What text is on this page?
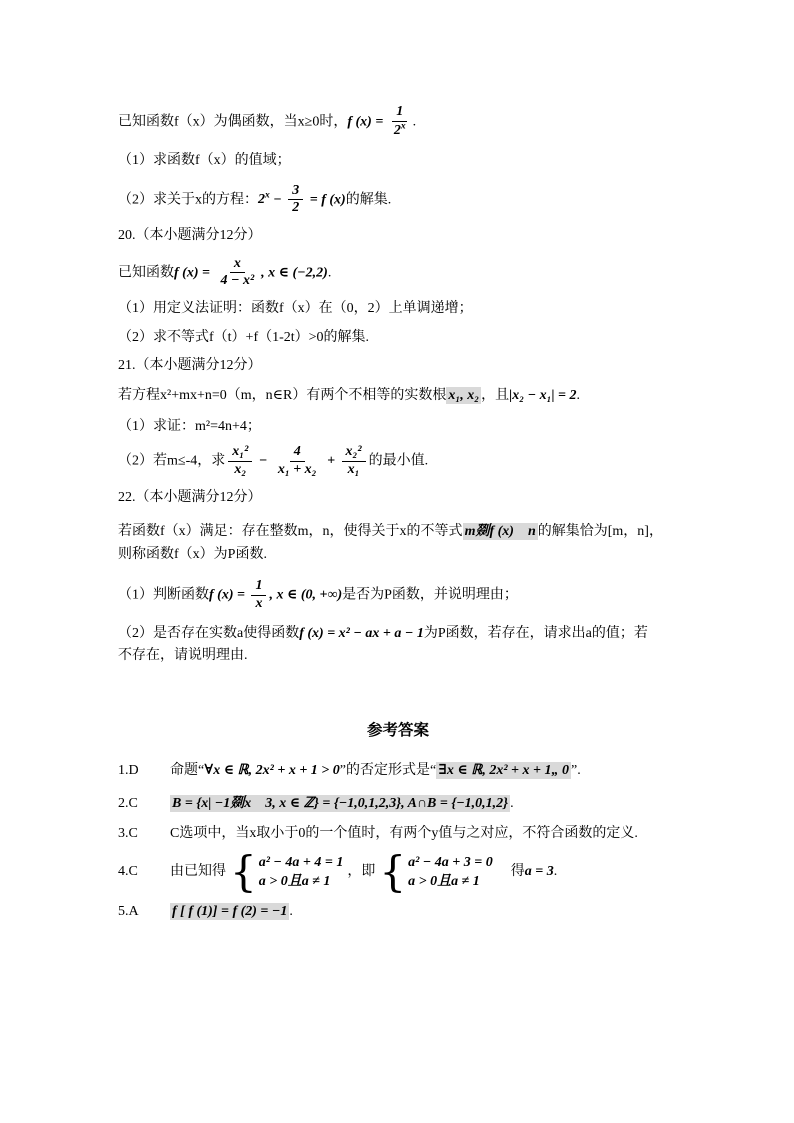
已知函数f（x）为偶函数，当x≥0时，f $(x) = \frac{1}{2^x}$ .
（1）求函数f（x）的值域；
（2）求关于x的方程：$2^x - \frac{3}{2} = f$ (x)的解集.
20.（本小题满分12分）
已知函数f $(x) = \frac{x}{\text{4 − x²}}$ , x ∈ (−2,2).
（1）用定义法证明：函数f（x）在（0，2）上单调递增；
（2）求不等式f（t）+f（1-2t）>0的解集.
21.（本小题满分12分）
若方程x²+mx+n=0（m，n∈R）有两个不相等的实数根 x₁, x₂ ，且|x₂ − x₁| = 2.
（1）求证：m²=4n+4；
（2）若m≤-4，求 $\frac{\text{x₁²}}{\text{x₂}} - \frac{4}{\text{x₁ + x₂}} + \frac{\text{x₂²}}{\text{x₁}}$ 的最小值.
22.（本小题满分12分）
若函数f（x）满足：存在整数m，n，使得关于x的不等式 m剟f (x)　n 的解集恰为[m，n]，
则称函数f（x）为P函数.
（1）判断函数f $(x) = \frac{1}{x}$ , x ∈ (0, +∞)是否为P函数，并说明理由；
（2）是否存在实数a使得函数f (x) = x² − ax + a − 1为P函数，若存在，请求出a的值；若
不存在，请说明理由.
参考答案
1.D	命题“∀x ∈ ℝ, 2x² + x + 1 > 0”的否定形式是“ ∃x ∈ ℝ, 2x² + x + 1„ 0 ”.
2.C	B = {x| −1剟x　3, x ∈ ℤ} = {−1,0,1,2,3}, A∩B = {−1,0,1,2} .
3.C	C选项中，当x取小于0的一个值时，有两个y值与之对应，不符合函数的定义.
4.C	由已知得 { a² − 4a + 4 = 1
a > 0且a ≠ 1
，即 { a² − 4a + 3 = 0
a > 0且a ≠ 1
　得a = 3.
5.A	f [ f (1)] = f (2) = −1 .
